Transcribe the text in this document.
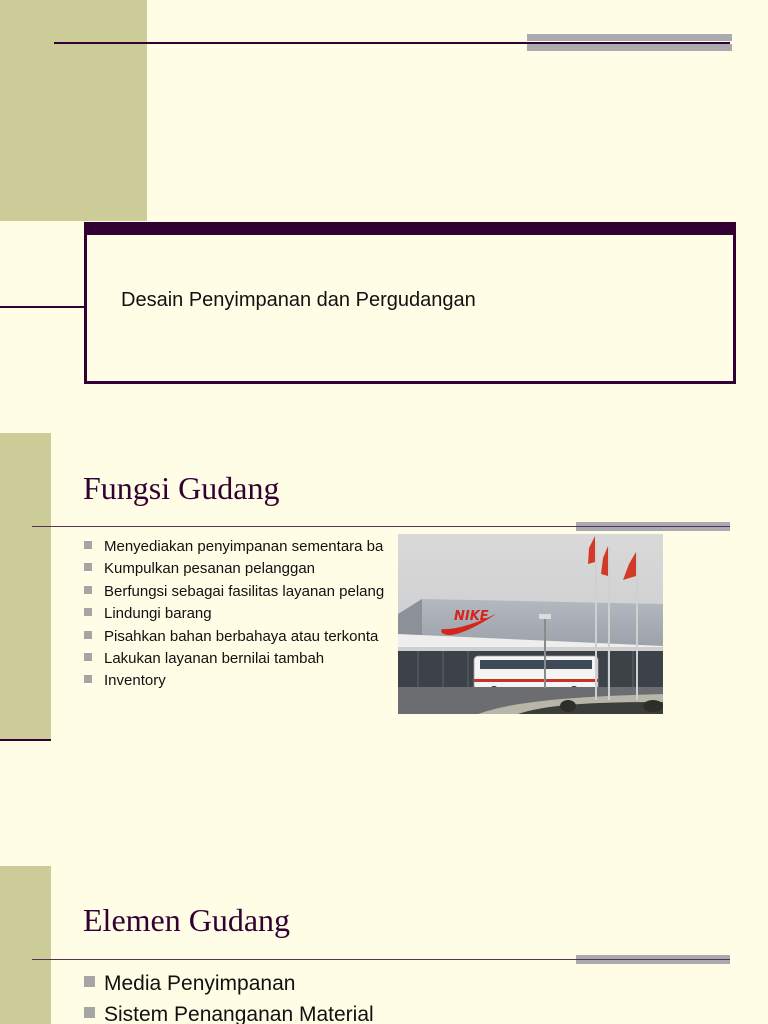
Desain Penyimpanan dan Pergudangan
Fungsi Gudang
Menyediakan penyimpanan sementara ba
Kumpulkan pesanan pelanggan
Berfungsi sebagai fasilitas layanan pelang
Lindungi barang
Pisahkan bahan berbahaya atau terkonta
Lakukan layanan bernilai tambah
Inventory
NIKE
Elemen Gudang
Media Penyimpanan
Sistem Penanganan Material
